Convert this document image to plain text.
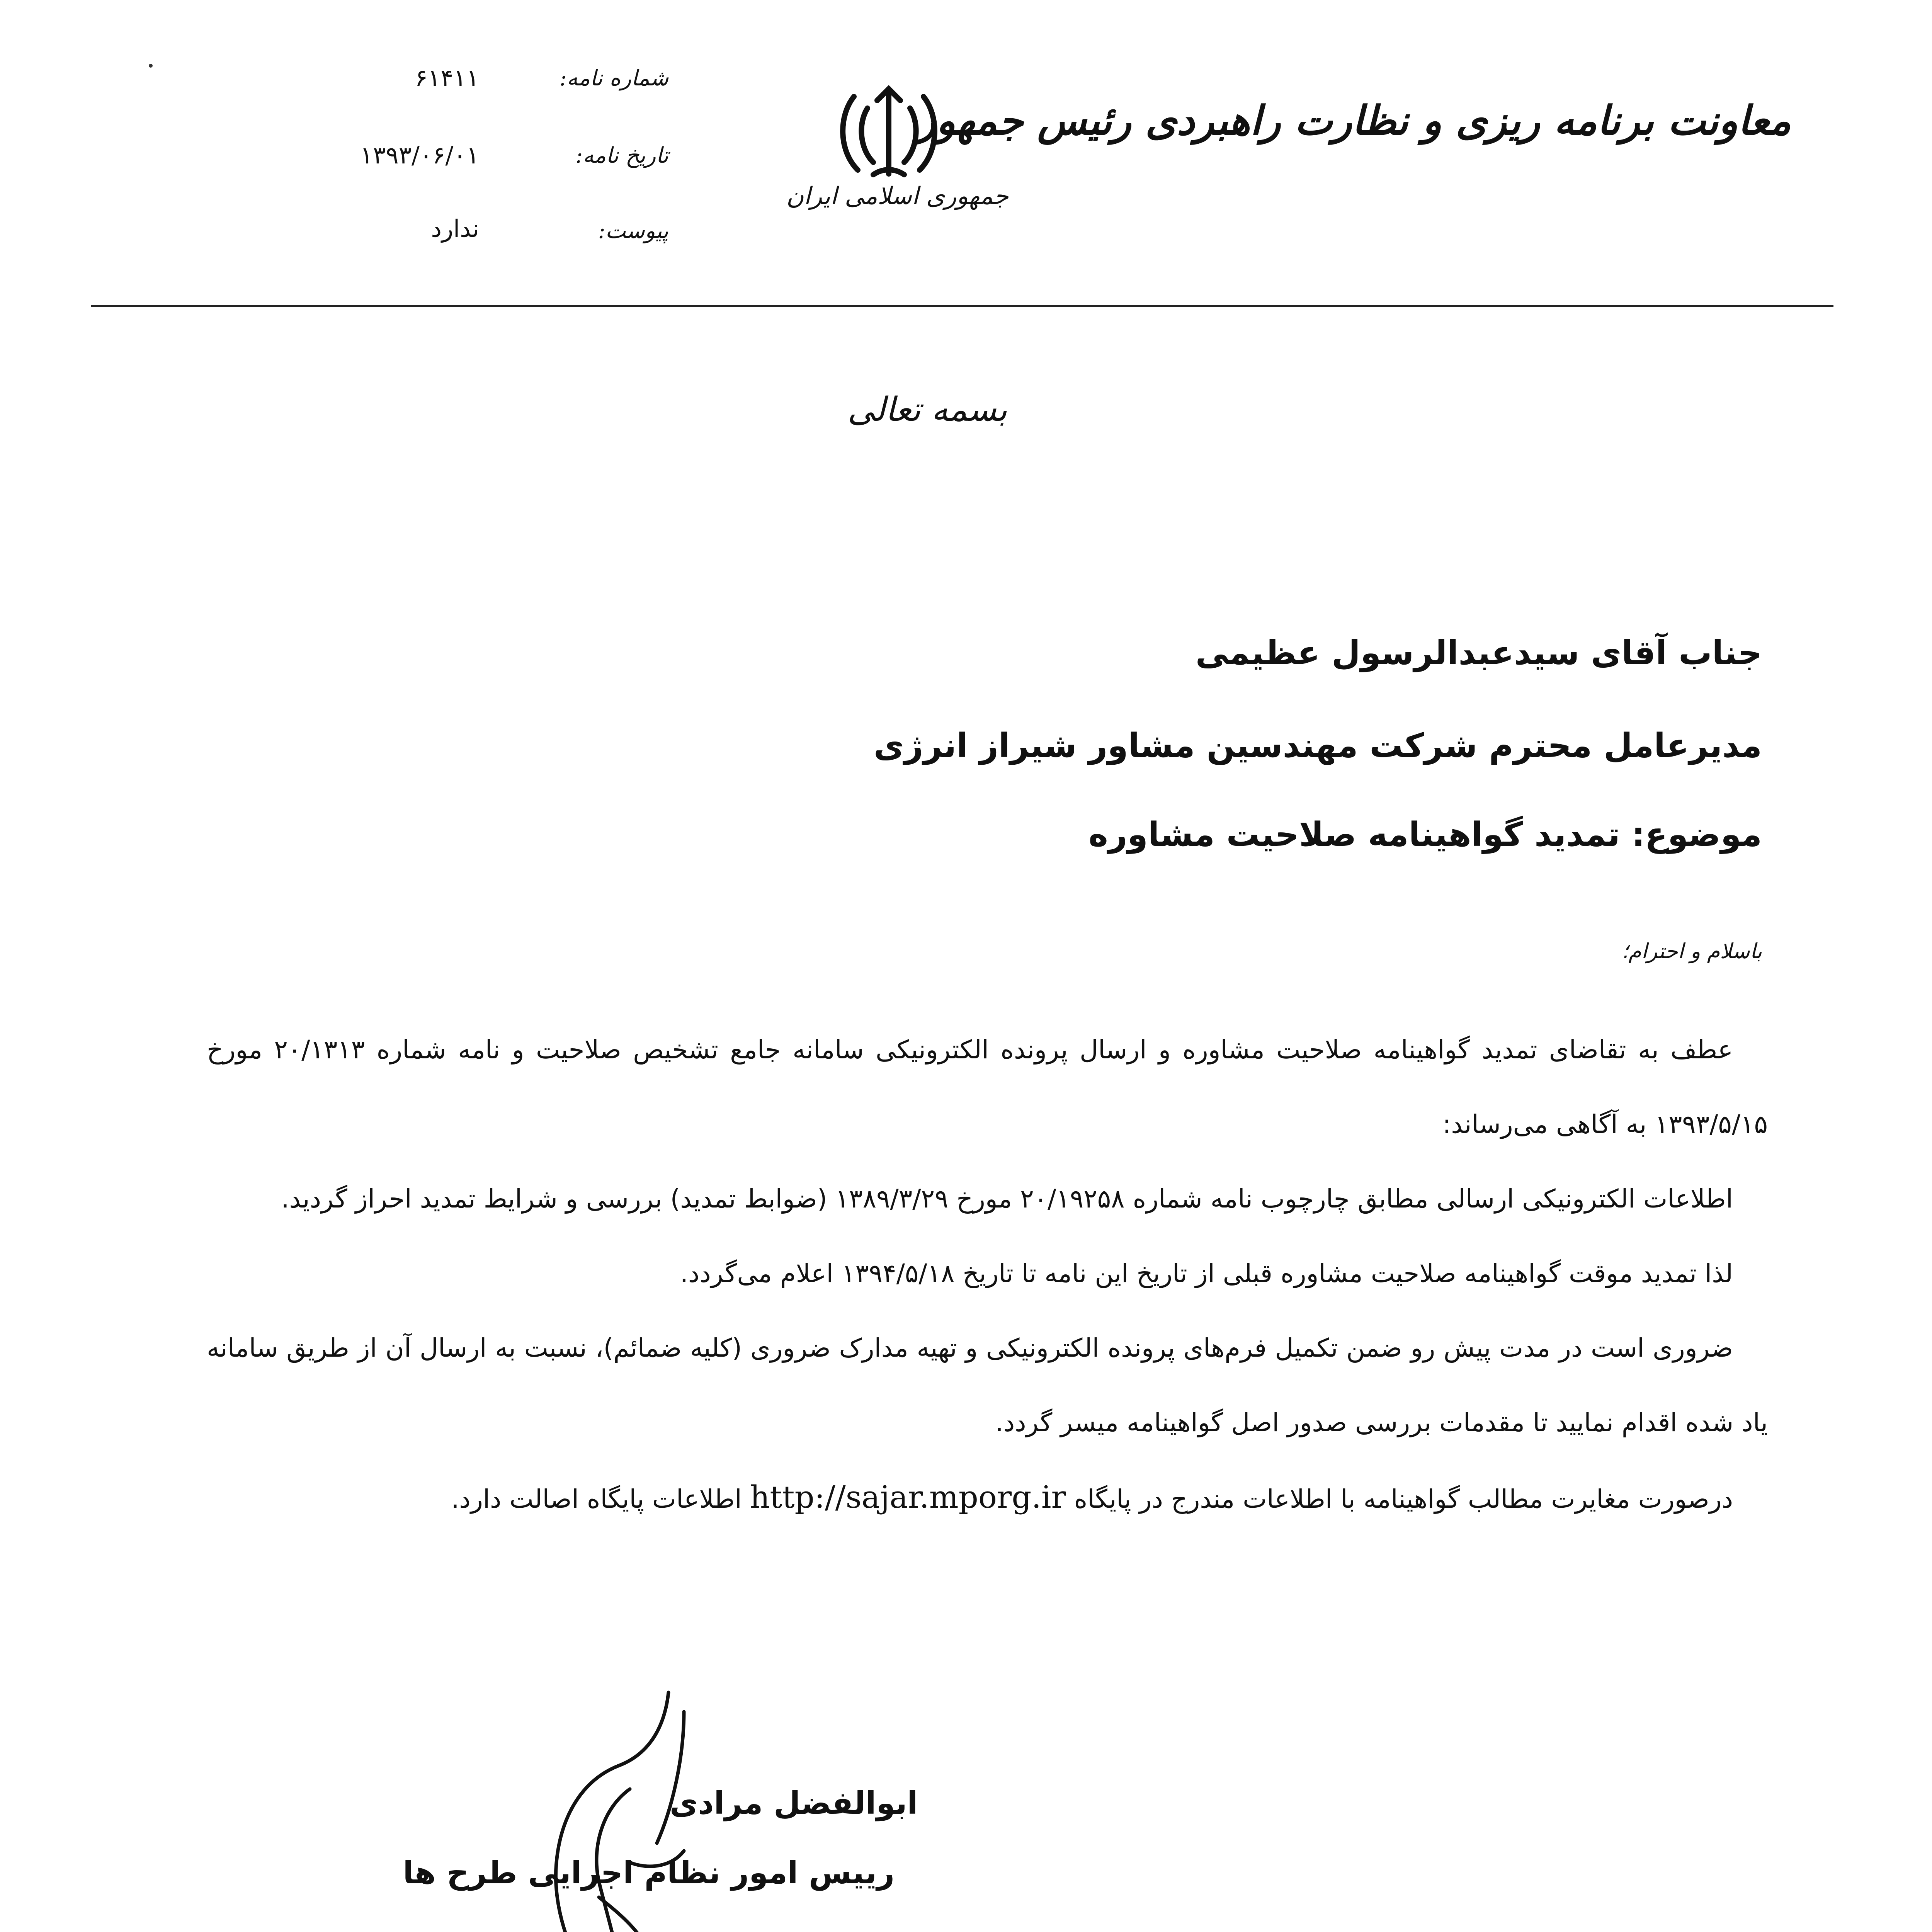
معاونت برنامه ریزی و نظارت راهبردی رئیس جمهور
جمهوری اسلامی ایران
شماره نامه:
۶۱۴۱۱
تاریخ نامه:
۱۳۹۳/۰۶/۰۱
پیوست:
ندارد
بسمه تعالی
جناب آقای سیدعبدالرسول عظیمی
مدیرعامل محترم شرکت مهندسین مشاور شیراز انرژی
موضوع: تمدید گواهینامه صلاحیت مشاوره
باسلام و احترام؛

عطف به تقاضای تمدید گواهینامه صلاحیت مشاوره و ارسال پرونده الکترونیکی سامانه جامع تشخیص صلاحیت و نامه شماره ۲۰/۱۳۱۳ مورخ ۱۳۹۳/۵/۱۵ به آگاهی می‌رساند:

اطلاعات الکترونیکی ارسالی مطابق چارچوب نامه شماره ۲۰/۱۹۲۵۸ مورخ ۱۳۸۹/۳/۲۹ (ضوابط تمدید) بررسی و شرایط تمدید احراز گردید.

لذا تمدید موقت گواهینامه صلاحیت مشاوره قبلی از تاریخ این نامه تا تاریخ ۱۳۹۴/۵/۱۸ اعلام می‌گردد.

ضروری است در مدت پیش رو ضمن تکمیل فرم‌های پرونده الکترونیکی و تهیه مدارک ضروری (کلیه ضمائم)، نسبت به ارسال آن از طریق سامانه یاد شده اقدام نمایید تا مقدمات بررسی صدور اصل گواهینامه میسر گردد.

درصورت مغایرت مطالب گواهینامه با اطلاعات مندرج در پایگاه http://sajar.mporg.ir اطلاعات پایگاه اصالت دارد.

ابوالفضل مرادی
رییس امور نظام اجرایی طرح ها
